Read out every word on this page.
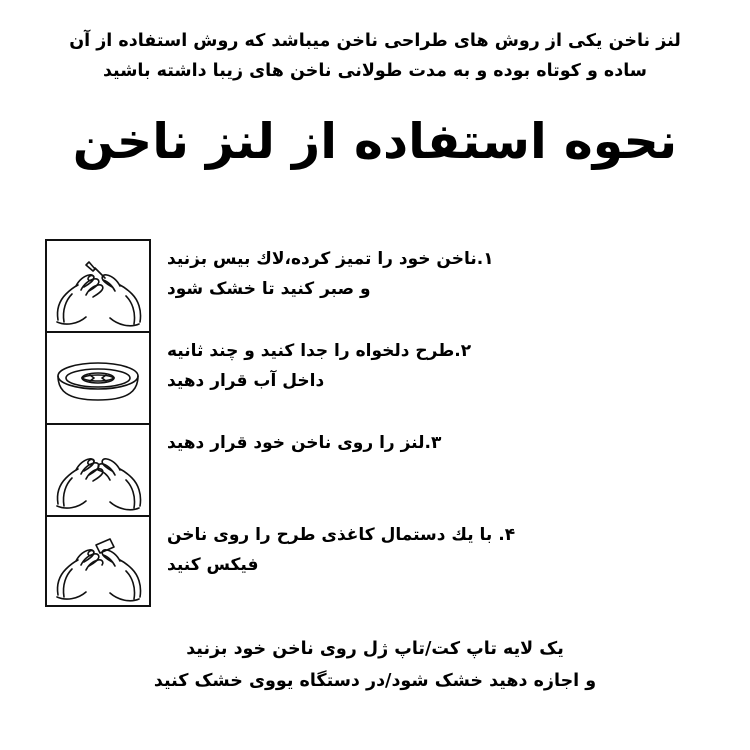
لنز ناخن یکی از روش های طراحی ناخن میباشد که روش استفاده از آن
ساده و کوتاه بوده و به مدت طولانی ناخن های زیبا داشته باشید
نحوه استفاده از لنز ناخن
۱.ناخن خود را تمیز کرده،لاك بیس بزنید
و صبر کنید تا خشک شود
۲.طرح دلخواه را جدا کنید و چند ثانیه
داخل آب قرار دهید
۳.لنز را روی ناخن خود قرار دهید
۴. با یك دستمال کاغذی طرح را روی ناخن
فیکس کنید
یک لایه تاپ کت/تاپ ژل روی ناخن خود بزنید
و اجازه دهید خشک شود/در دستگاه یووی خشک کنید
